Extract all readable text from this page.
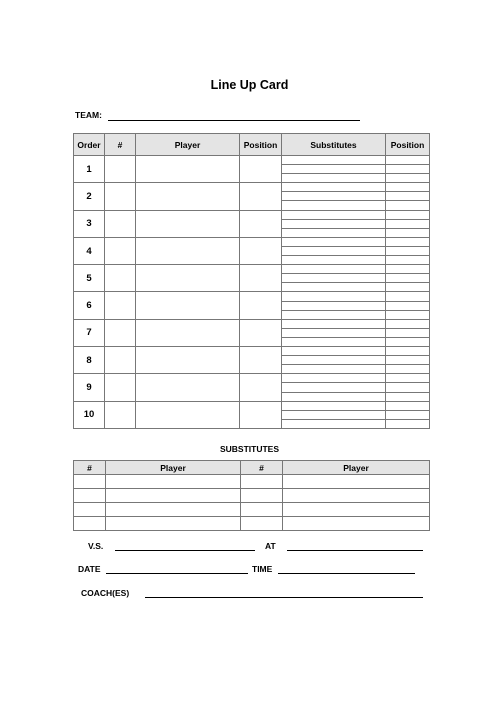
Line Up Card
TEAM:
Order	#	Player	Position	Substitutes	Position
1				

2				

3				

4				

5				

6				

7				

8				

9				

10				

SUBSTITUTES
#	Player	#	Player

V.S.	AT
DATE	TIME
COACH(ES)
